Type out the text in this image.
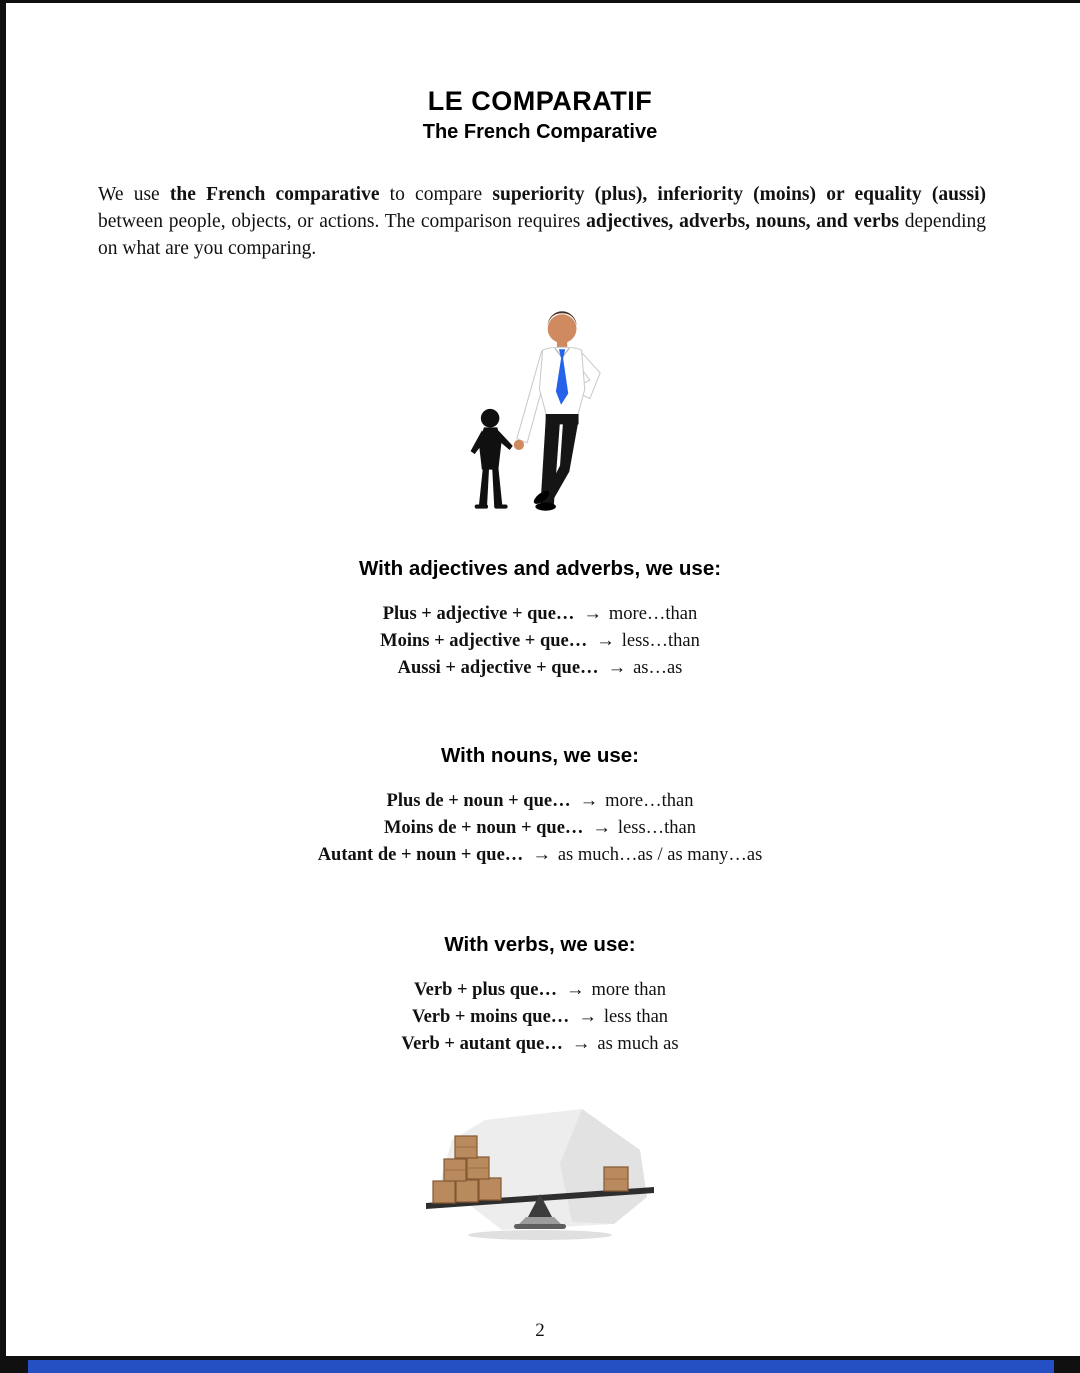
LE COMPARATIF
The French Comparative

We use the French comparative to compare superiority (plus), inferiority (moins) or equality (aussi) between people, objects, or actions. The comparison requires adjectives, adverbs, nouns, and verbs depending on what are you comparing.

With adjectives and adverbs, we use:
Plus + adjective + que… → more…than
Moins + adjective + que… → less…than
Aussi + adjective + que… → as…as
With nouns, we use:
Plus de + noun + que… → more…than
Moins de + noun + que… → less…than
Autant de + noun + que… → as much…as / as many…as
With verbs, we use:
Verb + plus que… → more than
Verb + moins que… → less than
Verb + autant que… → as much as
2
